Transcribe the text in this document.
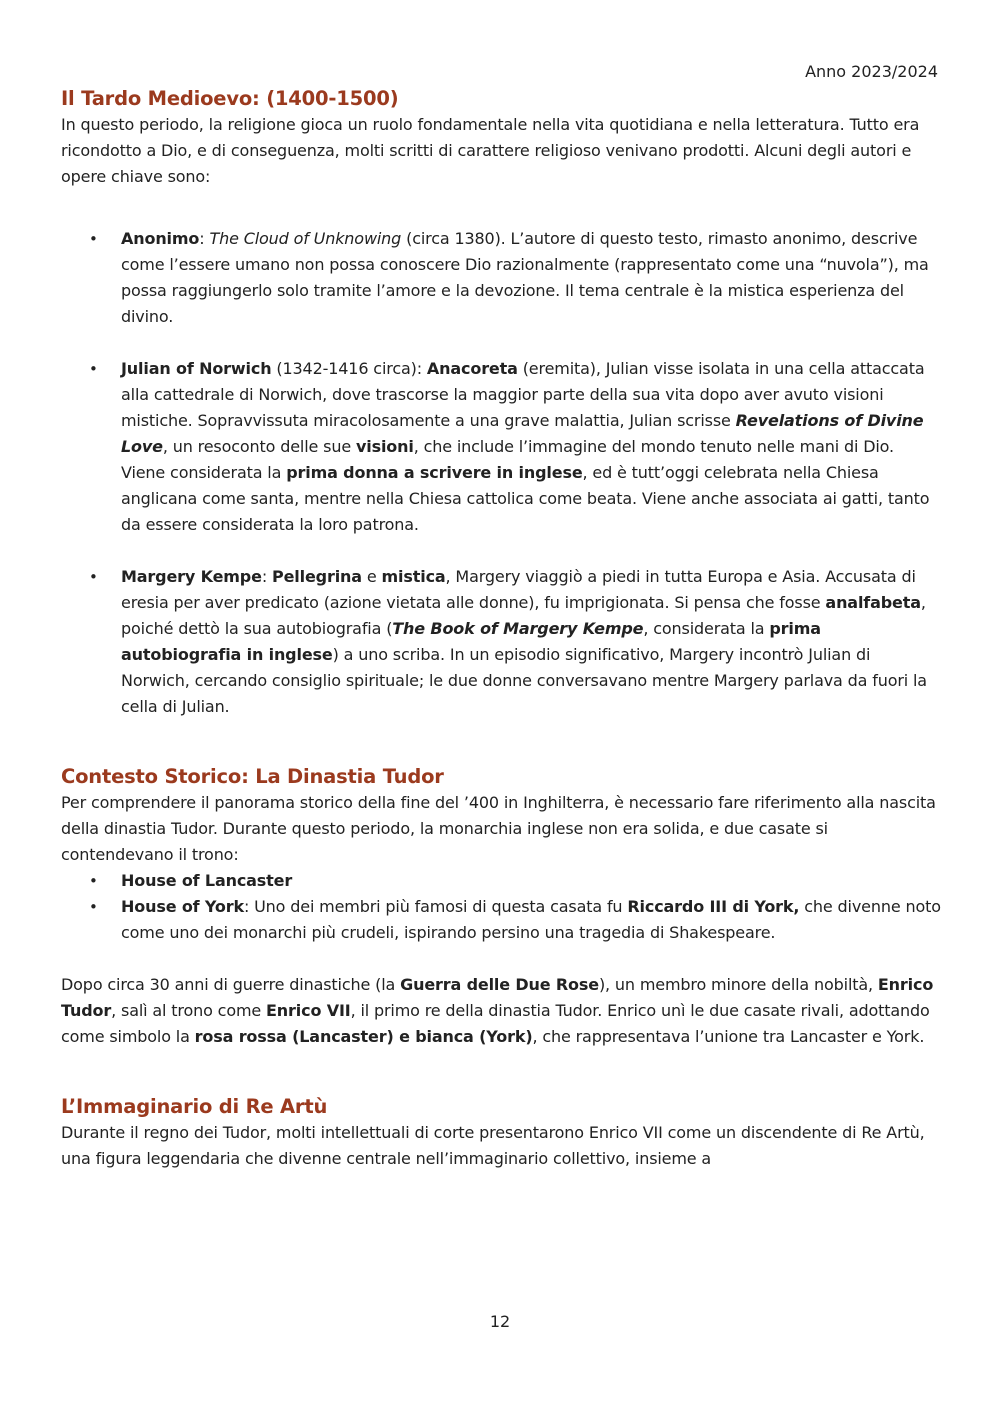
Anno 2023/2024
Il Tardo Medioevo: (1400-1500)

In questo periodo, la religione gioca un ruolo fondamentale nella vita quotidiana e nella letteratura. Tutto era ricondotto a Dio, e di conseguenza, molti scritti di carattere religioso venivano prodotti. Alcuni degli autori e opere chiave sono:

• Anonimo: The Cloud of Unknowing (circa 1380). L’autore di questo testo, rimasto anonimo, descrive come l’essere umano non possa conoscere Dio razionalmente (rappresentato come una “nuvola”), ma possa raggiungerlo solo tramite l’amore e la devozione. Il tema centrale è la mistica esperienza del divino.
• Julian of Norwich (1342-1416 circa): Anacoreta (eremita), Julian visse isolata in una cella attaccata alla cattedrale di Norwich, dove trascorse la maggior parte della sua vita dopo aver avuto visioni mistiche. Sopravvissuta miracolosamente a una grave malattia, Julian scrisse Revelations of Divine Love, un resoconto delle sue visioni, che include l’immagine del mondo tenuto nelle mani di Dio. Viene considerata la prima donna a scrivere in inglese, ed è tutt’oggi celebrata nella Chiesa anglicana come santa, mentre nella Chiesa cattolica come beata. Viene anche associata ai gatti, tanto da essere considerata la loro patrona.
• Margery Kempe: Pellegrina e mistica, Margery viaggiò a piedi in tutta Europa e Asia. Accusata di eresia per aver predicato (azione vietata alle donne), fu imprigionata. Si pensa che fosse analfabeta, poiché dettò la sua autobiografia (The Book of Margery Kempe, considerata la prima autobiografia in inglese) a uno scriba. In un episodio significativo, Margery incontrò Julian di Norwich, cercando consiglio spirituale; le due donne conversavano mentre Margery parlava da fuori la cella di Julian.
Contesto Storico: La Dinastia Tudor

Per comprendere il panorama storico della fine del ’400 in Inghilterra, è necessario fare riferimento alla nascita della dinastia Tudor. Durante questo periodo, la monarchia inglese non era solida, e due casate si contendevano il trono:

• House of Lancaster
• House of York: Uno dei membri più famosi di questa casata fu Riccardo III di York, che divenne noto come uno dei monarchi più crudeli, ispirando persino una tragedia di Shakespeare.

Dopo circa 30 anni di guerre dinastiche (la Guerra delle Due Rose), un membro minore della nobiltà, Enrico Tudor, salì al trono come Enrico VII, il primo re della dinastia Tudor. Enrico unì le due casate rivali, adottando come simbolo la rosa rossa (Lancaster) e bianca (York), che rappresentava l’unione tra Lancaster e York.

L’Immaginario di Re Artù

Durante il regno dei Tudor, molti intellettuali di corte presentarono Enrico VII come un discendente di Re Artù, una figura leggendaria che divenne centrale nell’immaginario collettivo, insieme a

12
